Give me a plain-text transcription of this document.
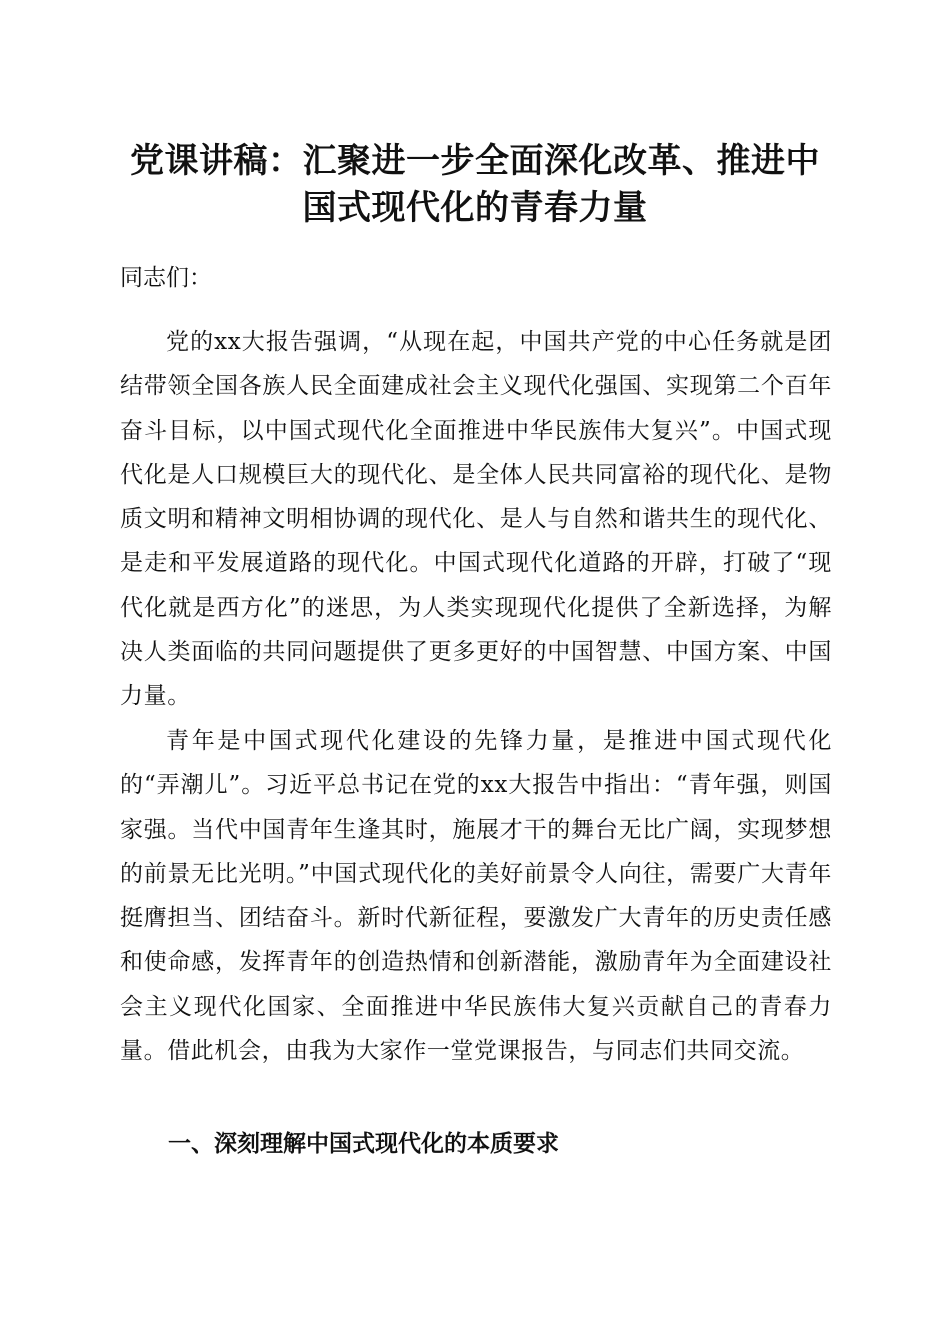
党课讲稿：汇聚进一步全面深化改革、推进中
国式现代化的青春力量
同志们：

党的xx大报告强调，“从现在起，中国共产党的中心任务就是团结带领全国各族人民全面建成社会主义现代化强国、实现第二个百年奋斗目标，以中国式现代化全面推进中华民族伟大复兴”。中国式现代化是人口规模巨大的现代化、是全体人民共同富裕的现代化、是物质文明和精神文明相协调的现代化、是人与自然和谐共生的现代化、是走和平发展道路的现代化。中国式现代化道路的开辟，打破了“现代化就是西方化”的迷思，为人类实现现代化提供了全新选择，为解决人类面临的共同问题提供了更多更好的中国智慧、中国方案、中国力量。

青年是中国式现代化建设的先锋力量，是推进中国式现代化的“弄潮儿”。习近平总书记在党的xx大报告中指出：“青年强，则国家强。当代中国青年生逢其时，施展才干的舞台无比广阔，实现梦想的前景无比光明。”中国式现代化的美好前景令人向往，需要广大青年挺膺担当、团结奋斗。新时代新征程，要激发广大青年的历史责任感和使命感，发挥青年的创造热情和创新潜能，激励青年为全面建设社会主义现代化国家、全面推进中华民族伟大复兴贡献自己的青春力量。借此机会，由我为大家作一堂党课报告，与同志们共同交流。

一、深刻理解中国式现代化的本质要求
